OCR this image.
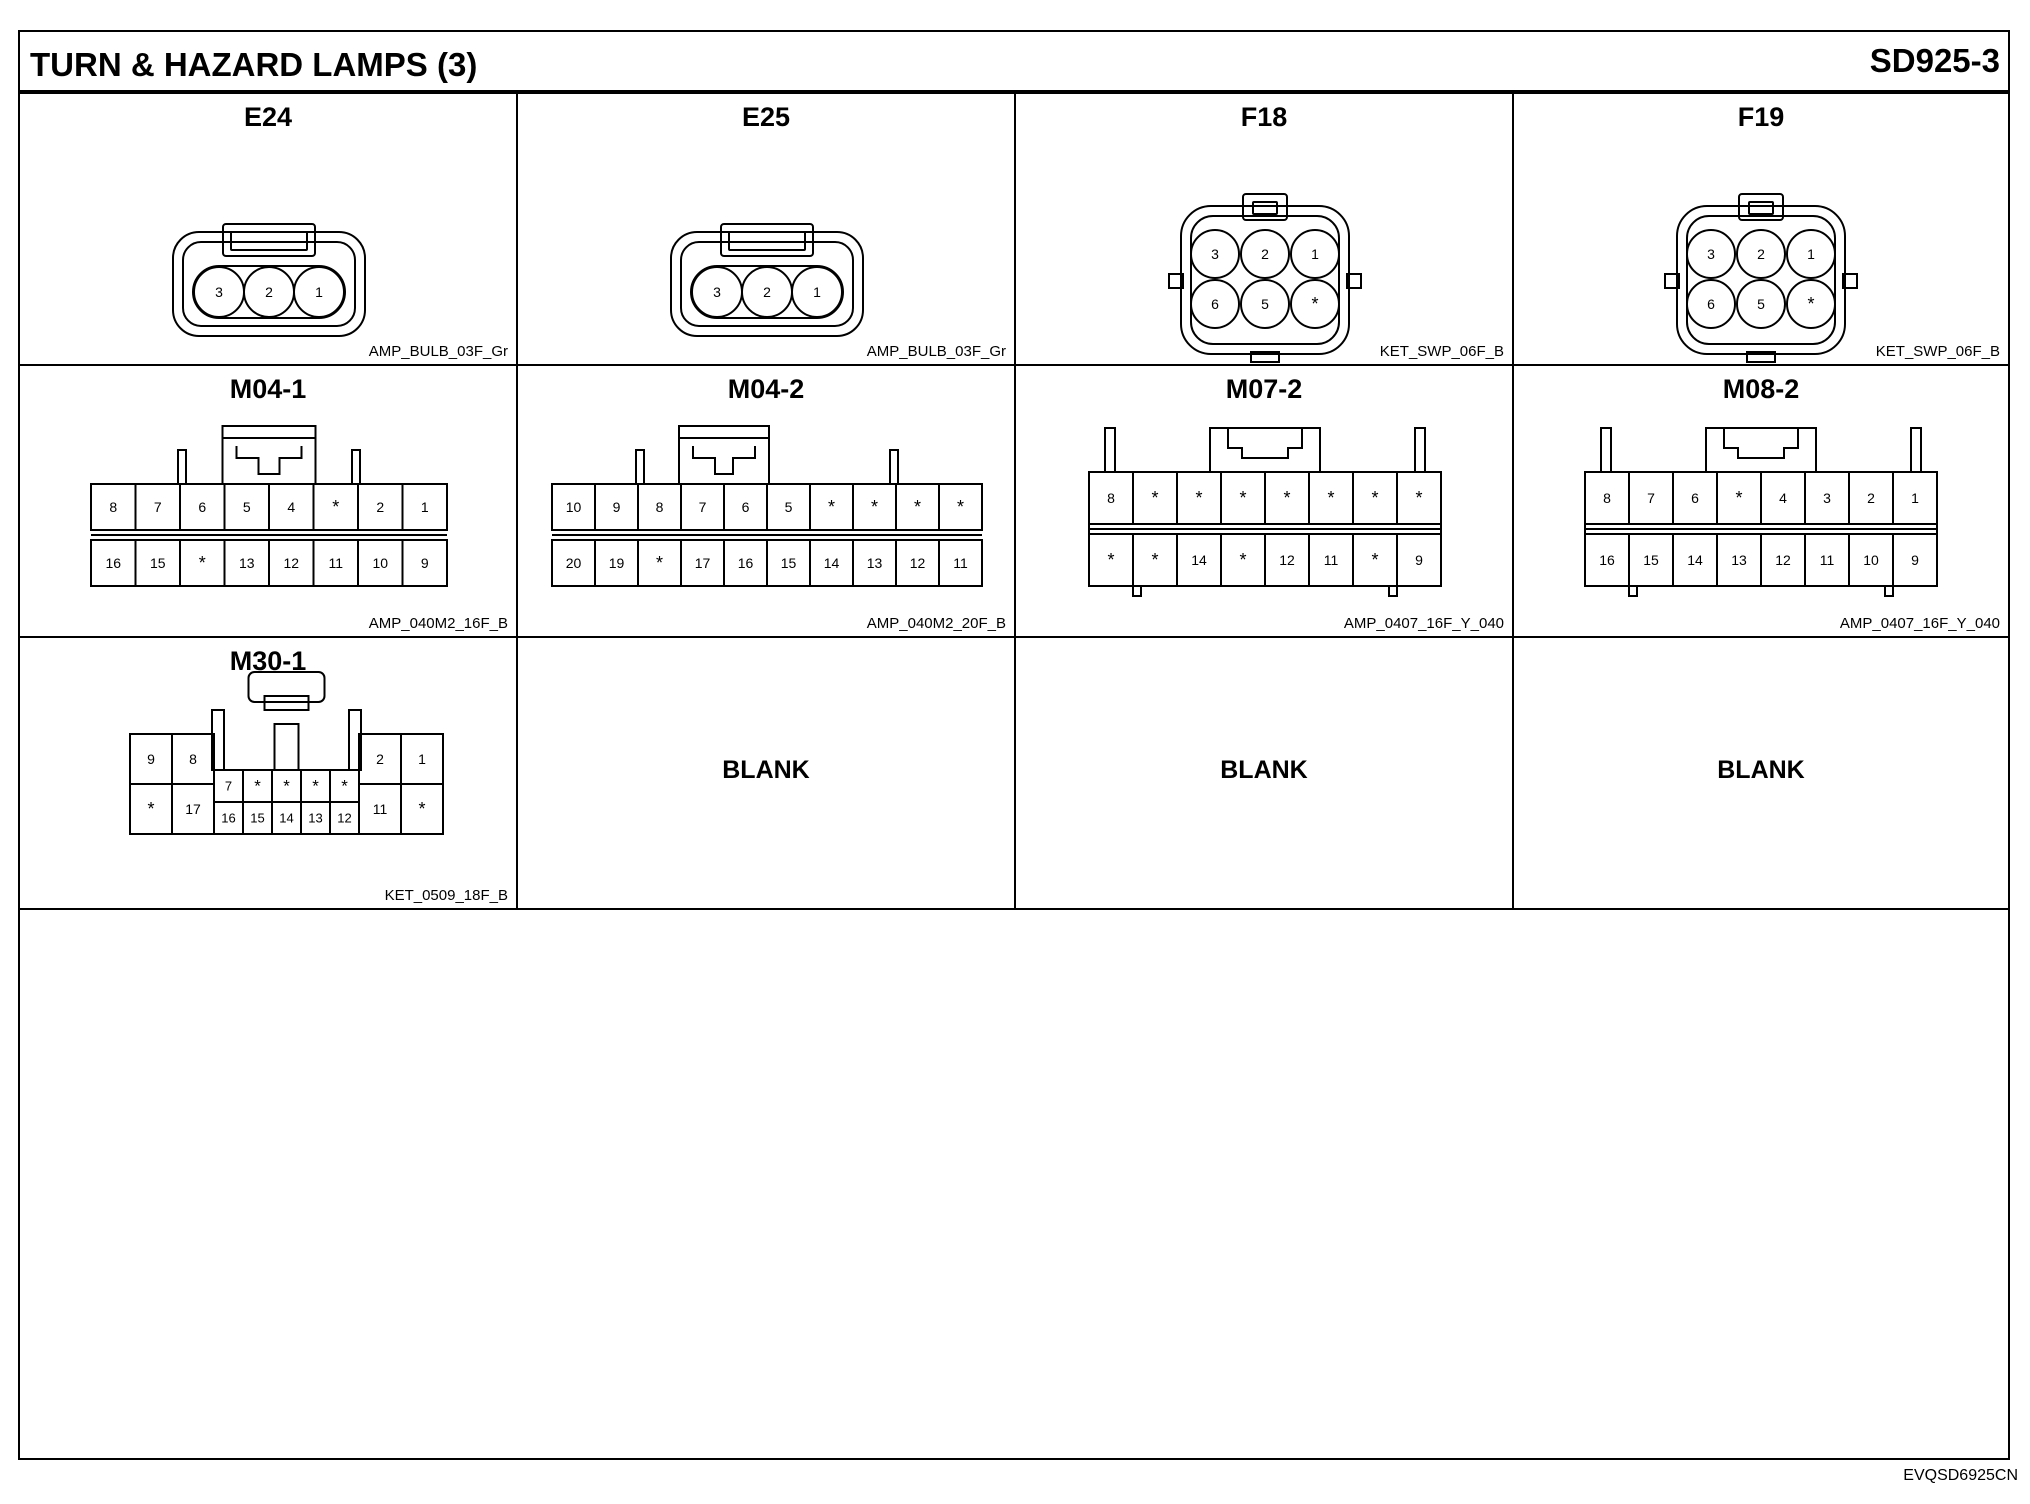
TURN & HAZARD LAMPS (3)	SD925-3
E24
3	2	1
AMP_BULB_03F_Gr
E25
3	2	1
AMP_BULB_03F_Gr
F18
3	2	1
6	5 *
KET_SWP_06F_B
F19
3	2	1
6	5 *
KET_SWP_06F_B
M04-1
8	7	6	5	4 *	2	1
16 15 * 13 12 11 10 9
AMP_040M2_16F_B
M04-2
10 9	8	7	6	5 * * * *
20 19 * 17 16 15 14 13 12 11
AMP_040M2_20F_B
M07-2
8 * * * * * * *
* * 14 * 12 11 *	9
AMP_0407_16F_Y_040
M08-2
8	7	6 *	4	3	2	1
16 15 14 13 12 11 10 9
AMP_0407_16F_Y_040
M30-1
9 8
* 17
7 * * * *
16 15 14 13 12
2 1
11 *
KET_0509_18F_B
BLANK	BLANK	BLANK
EVQSD6925CN
